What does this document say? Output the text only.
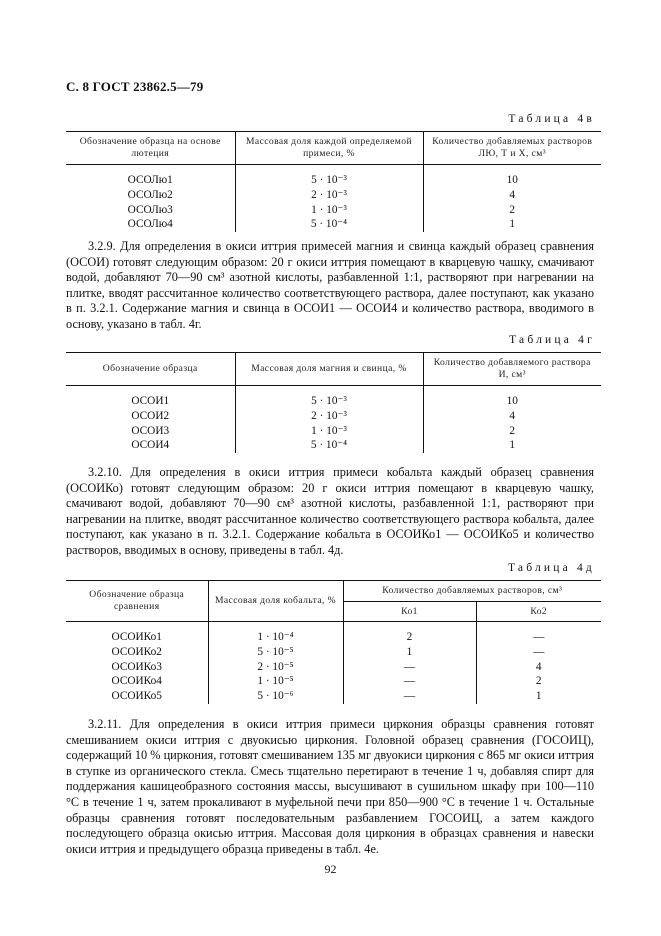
С. 8 ГОСТ 23862.5—79
Таблица 4в
Обозначение образца на основе лютеция	Массовая доля каждой определяемой примеси, %	Количество добавляемых растворов ЛЮ, Т и X, см³
ОСОЛю1	5 · 10⁻³	10
ОСОЛю2	2 · 10⁻³	4
ОСОЛю3	1 · 10⁻³	2
ОСОЛю4	5 · 10⁻⁴	1
3.2.9. Для определения в окиси иттрия примесей магния и свинца каждый образец сравнения (ОСОИ) готовят следующим образом: 20 г окиси иттрия помещают в кварцевую чашку, смачивают водой, добавляют 70—90 см³ азотной кислоты, разбавленной 1:1, растворяют при нагревании на плитке, вводят рассчитанное количество соответствующего раствора, далее поступают, как указано в п. 3.2.1. Содержание магния и свинца в ОСОИ1 — ОСОИ4 и количество раствора, вводимого в основу, указано в табл. 4г.
Таблица 4г
Обозначение образца	Массовая доля магния и свинца, %	Количество добавляемого раствора И, см³
ОСОИ1	5 · 10⁻³	10
ОСОИ2	2 · 10⁻³	4
ОСОИ3	1 · 10⁻³	2
ОСОИ4	5 · 10⁻⁴	1
3.2.10. Для определения в окиси иттрия примеси кобальта каждый образец сравнения (ОСОИКо) готовят следующим образом: 20 г окиси иттрия помещают в кварцевую чашку, смачивают водой, добавляют 70—90 см³ азотной кислоты, разбавленной 1:1, растворяют при нагревании на плитке, вводят рассчитанное количество соответствующего раствора кобальта, далее поступают, как указано в п. 3.2.1. Содержание кобальта в ОСОИКо1 — ОСОИКо5 и количество растворов, вводимых в основу, приведены в табл. 4д.
Таблица 4д
Обозначение образца сравнения	Массовая доля кобальта, %	Количество добавляемых растворов, см³	
		Ко1	Ко2
ОСОИКо1	1 · 10⁻⁴	2	—
ОСОИКо2	5 · 10⁻⁵	1	—
ОСОИКо3	2 · 10⁻⁵	—	4
ОСОИКо4	1 · 10⁻⁵	—	2
ОСОИКо5	5 · 10⁻⁶	—	1
3.2.11. Для определения в окиси иттрия примеси циркония образцы сравнения готовят смешиванием окиси иттрия с двуокисью циркония. Головной образец сравнения (ГОСОИЦ), содержащий 10 % циркония, готовят смешиванием 135 мг двуокиси циркония с 865 мг окиси иттрия в ступке из органического стекла. Смесь тщательно перетирают в течение 1 ч, добавляя спирт для поддержания кашицеобразного состояния массы, высушивают в сушильном шкафу при 100—110 °С в течение 1 ч, затем прокаливают в муфельной печи при 850—900 °С в течение 1 ч. Остальные образцы сравнения готовят последовательным разбавлением ГОСОИЦ, а затем каждого последующего образца окисью иттрия. Массовая доля циркония в образцах сравнения и навески окиси иттрия и предыдущего образца приведены в табл. 4е.
92
